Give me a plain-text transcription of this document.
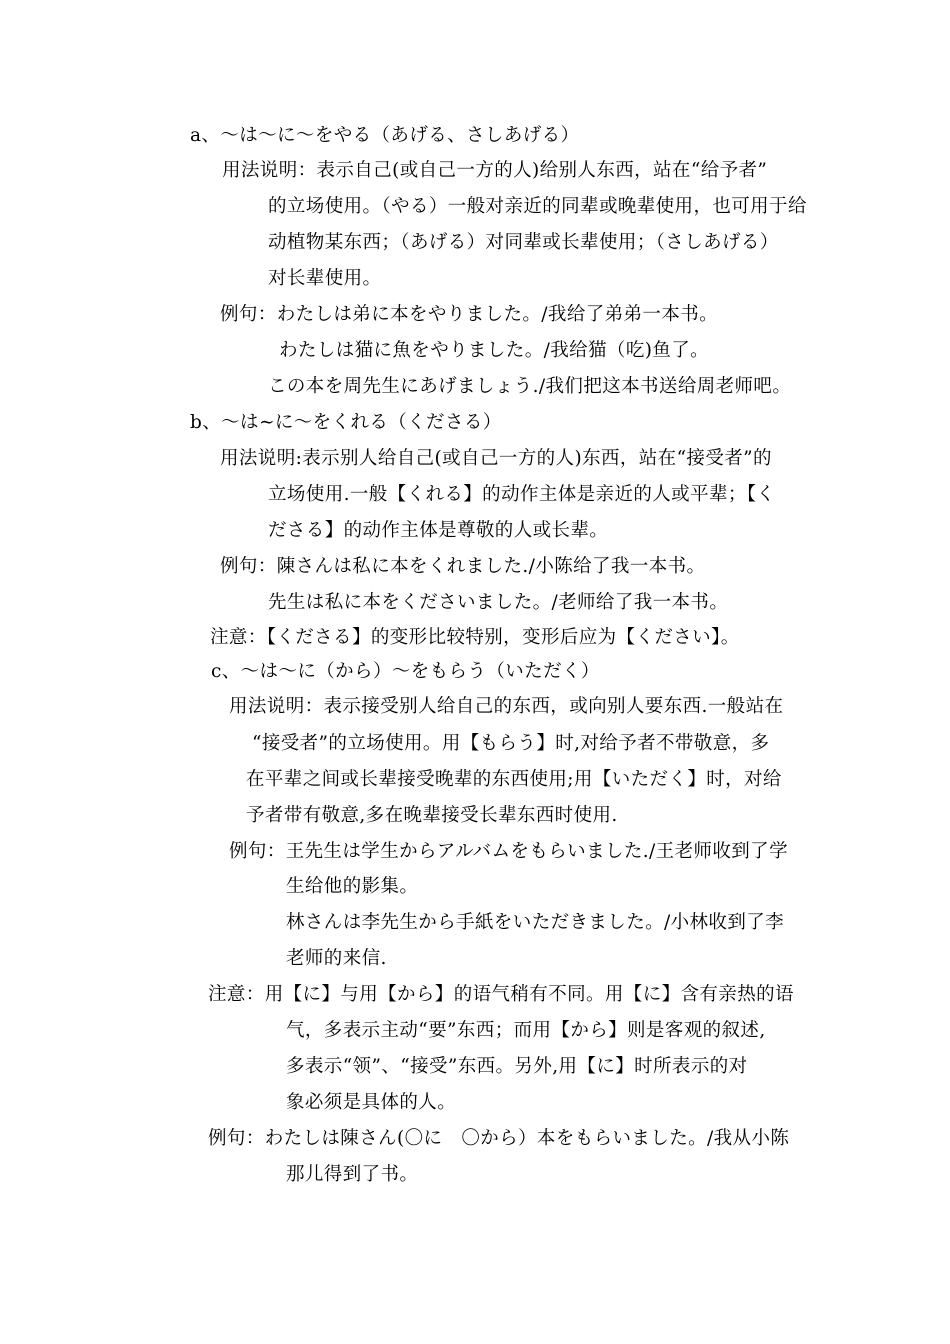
a、～は～に～をやる（あげる、さしあげる）
用法说明：表示自己(或自己一方的人)给别人东西，站在“给予者”
的立场使用。（やる）一般对亲近的同辈或晚辈使用，也可用于给
动植物某东西；（あげる）对同辈或长辈使用；（さしあげる）
对长辈使用。
例句：わたしは弟に本をやりました。/我给了弟弟一本书。
わたしは猫に魚をやりました。/我给猫（吃)鱼了。
この本を周先生にあげましょう./我们把这本书送给周老师吧。
b、～は∼に～をくれる（くださる）
用法说明:表示别人给自己(或自己一方的人)东西，站在“接受者”的
立场使用.一般【くれる】的动作主体是亲近的人或平辈；【く
ださる】的动作主体是尊敬的人或长辈。
例句：陳さんは私に本をくれました./小陈给了我一本书。
先生は私に本をくださいました。/老师给了我一本书。
注意：【くださる】的变形比较特别，变形后应为【ください】。
c、～は～に（から）～をもらう（いただく）
用法说明：表示接受别人给自己的东西，或向别人要东西.一般站在
“接受者”的立场使用。用【もらう】时,对给予者不带敬意，多
在平辈之间或长辈接受晚辈的东西使用;用【いただく】时，对给
予者带有敬意,多在晚辈接受长辈东西时使用.
例句：王先生は学生からアルバムをもらいました./王老师收到了学
生给他的影集。
林さんは李先生から手紙をいただきました。/小林收到了李
老师的来信.
注意：用【に】与用【から】的语气稍有不同。用【に】含有亲热的语
气，多表示主动“要”东西；而用【から】则是客观的叙述,
多表示“领”、“接受”东西。另外,用【に】时所表示的对
象必须是具体的人。
例句：わたしは陳さん(〇に　〇から）本をもらいました。/我从小陈
那儿得到了书。
